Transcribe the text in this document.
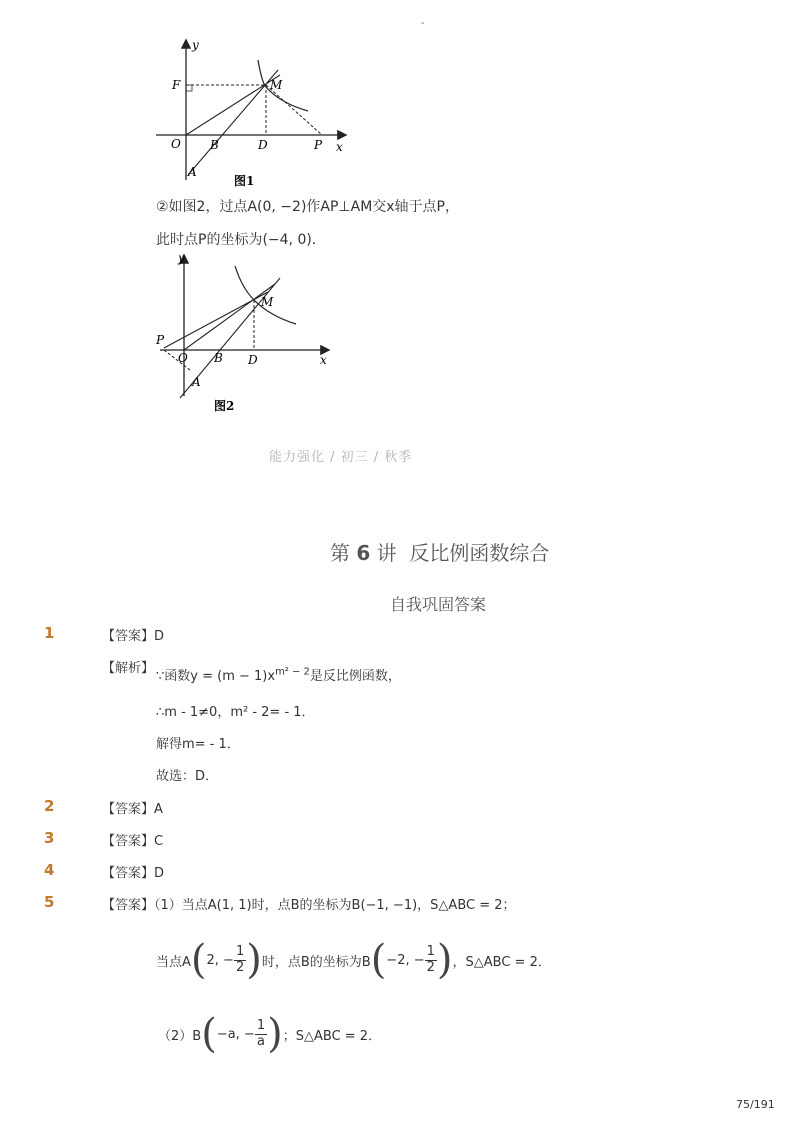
-
y
F	M
O B	D	P x
A
图1
②如图2，过点A(0, −2)作AP⊥AM交x轴于点P，
此时点P的坐标为(−4, 0)．
y
M
P
O B D	x
A
图2
能力强化 / 初三 / 秋季
第 6 讲  反比例函数综合
自我巩固答案
1	【答案】D
【解析】
∵函数$y = (m - 1)x^{m^2 - 2}$是反比例函数，
∴m - 1≠0，m² - 2= - 1．
解得m= - 1．
故选：D．
2	【答案】A
3	【答案】C
4	【答案】D
5	【答案】（1）当点A(1, 1)时，点B的坐标为B(−1, −1)，S△ABC = 2；
当点A ( 2, − $\frac{1}{2}$ ) 时，点B的坐标为B ( −2, − $\frac{1}{2}$ ) ，S△ABC = 2．
（2）B ( −a, − $\frac{1}{a}$ ) ；S△ABC = 2．
75/191
